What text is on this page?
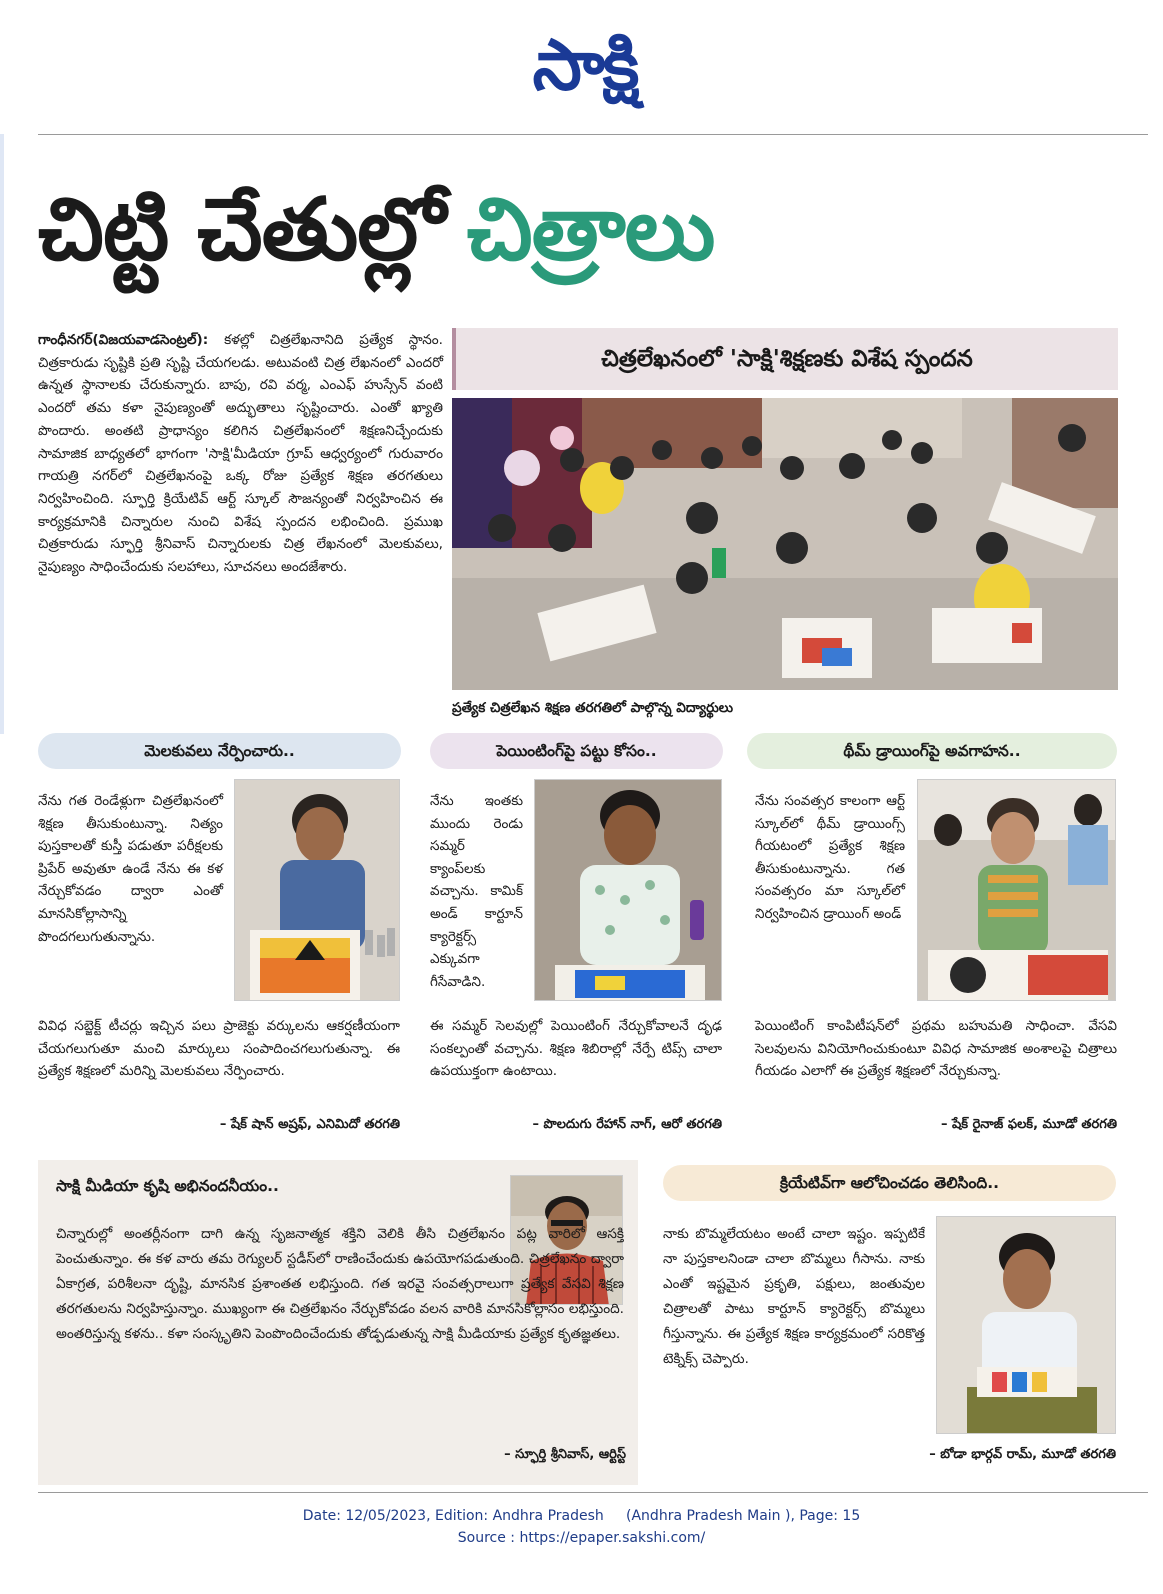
సాక్షి
చిట్టి చేతుల్లో చిత్రాలు
గాంధీనగర్(విజయవాడసెంట్రల్): కళల్లో చిత్రలేఖనానిది ప్రత్యేక స్థానం. చిత్రకారుడు సృష్టికి ప్రతి సృష్టి చేయగలడు. అటువంటి చిత్ర లేఖనంలో ఎందరో ఉన్నత స్థానాలకు చేరుకున్నారు. బాపు, రవి వర్మ, ఎంఎఫ్ హుస్సేన్ వంటి ఎందరో తమ కళా నైపుణ్యంతో అద్భుతాలు సృష్టించారు. ఎంతో ఖ్యాతి పొందారు. అంతటి ప్రాధాన్యం కలిగిన చిత్రలేఖనంలో శిక్షణనిచ్చేందుకు సామాజిక బాధ్యతలో భాగంగా 'సాక్షి'మీడియా గ్రూప్ ఆధ్వర్యంలో గురువారం గాయత్రి నగర్‌లో చిత్రలేఖనంపై ఒక్క రోజు ప్రత్యేక శిక్షణ తరగతులు నిర్వహించింది. స్ఫూర్తి క్రియేటివ్ ఆర్ట్ స్కూల్ సౌజన్యంతో నిర్వహించిన ఈ కార్యక్రమానికి చిన్నారుల నుంచి విశేష స్పందన లభించింది. ప్రముఖ చిత్రకారుడు స్ఫూర్తి శ్రీనివాస్ చిన్నారులకు చిత్ర లేఖనంలో మెలకువలు, నైపుణ్యం సాధించేందుకు సలహాలు, సూచనలు అందజేశారు.
చిత్రలేఖనంలో 'సాక్షి'శిక్షణకు విశేష స్పందన
ప్రత్యేక చిత్రలేఖన శిక్షణ తరగతిలో పాల్గొన్న విద్యార్థులు
మెలకువలు నేర్పించారు..
నేను గత రెండేళ్లుగా చిత్రలేఖనంలో శిక్షణ తీసుకుంటున్నా. నిత్యం పుస్తకాలతో కుస్తీ పడుతూ పరీక్షలకు ప్రిపేర్ అవుతూ ఉండే నేను ఈ కళ నేర్చుకోవడం ద్వారా ఎంతో మానసికోల్లాసాన్ని పొందగలుగుతున్నాను.
వివిధ సబ్జెక్ట్ టీచర్లు ఇచ్చిన పలు ప్రాజెక్టు వర్కులను ఆకర్షణీయంగా చేయగలుగుతూ మంచి మార్కులు సంపాదించగలుగుతున్నా. ఈ ప్రత్యేక శిక్షణలో మరిన్ని మెలకువలు నేర్పించారు.
– షేక్ షాన్ అష్రఫ్, ఎనిమిదో తరగతి
పెయింటింగ్‌పై పట్టు కోసం..
నేను ఇంతకు ముందు రెండు సమ్మర్ క్యాంప్‌లకు వచ్చాను. కామిక్ అండ్ కార్టూన్ క్యారెక్టర్స్ ఎక్కువగా గీసేవాడిని.
ఈ సమ్మర్ సెలవుల్లో పెయింటింగ్ నేర్చుకోవాలనే దృఢ సంకల్పంతో వచ్చాను. శిక్షణ శిబిరాల్లో నేర్పే టిప్స్ చాలా ఉపయుక్తంగా ఉంటాయి.
– పొలదుగు రేహాన్ నాగ్, ఆరో తరగతి
థీమ్ డ్రాయింగ్‌పై అవగాహన..
నేను సంవత్సర కాలంగా ఆర్ట్ స్కూల్‌లో థీమ్ డ్రాయింగ్స్ గీయటంలో ప్రత్యేక శిక్షణ తీసుకుంటున్నాను. గత సంవత్సరం మా స్కూల్‌లో నిర్వహించిన డ్రాయింగ్ అండ్
పెయింటింగ్ కాంపిటీషన్‌లో ప్రథమ బహుమతి సాధించా. వేసవి సెలవులను వినియోగించుకుంటూ వివిధ సామాజిక అంశాలపై చిత్రాలు గీయడం ఎలాగో ఈ ప్రత్యేక శిక్షణలో నేర్చుకున్నా.
– షేక్ రైనాజ్ ఫలక్, మూడో తరగతి
సాక్షి మీడియా కృషి అభినందనీయం..
చిన్నారుల్లో అంతర్లీనంగా దాగి ఉన్న సృజనాత్మక శక్తిని వెలికి తీసి చిత్రలేఖనం పట్ల వారిలో ఆసక్తి పెంచుతున్నాం. ఈ కళ వారు తమ రెగ్యులర్ స్టడీస్‌లో రాణించేందుకు ఉపయోగపడుతుంది. చిత్రలేఖనం ద్వారా ఏకాగ్రత, పరిశీలనా దృష్టి, మానసిక ప్రశాంతత లభిస్తుంది. గత ఇరవై సంవత్సరాలుగా ప్రత్యేక వేసవి శిక్షణ తరగతులను నిర్వహిస్తున్నాం. ముఖ్యంగా ఈ చిత్రలేఖనం నేర్చుకోవడం వలన వారికి మానసికోల్లాసం లభిస్తుంది. అంతరిస్తున్న కళను.. కళా సంస్కృతిని పెంపొందించేందుకు తోడ్పడుతున్న సాక్షి మీడియాకు ప్రత్యేక కృతజ్ఞతలు.
– స్ఫూర్తి శ్రీనివాస్, ఆర్టిస్ట్
క్రియేటివ్‌గా ఆలోచించడం తెలిసింది..
నాకు బొమ్మలేయటం అంటే చాలా ఇష్టం. ఇప్పటికే నా పుస్తకాలనిండా చాలా బొమ్మలు గీసాను. నాకు ఎంతో ఇష్టమైన ప్రకృతి, పక్షులు, జంతువుల చిత్రాలతో పాటు కార్టూన్ క్యారెక్టర్స్ బొమ్మలు గీస్తున్నాను. ఈ ప్రత్యేక శిక్షణ కార్యక్రమంలో సరికొత్త టెక్నిక్స్ చెప్పారు.
– బోడా భార్గవ్ రామ్, మూడో తరగతి
Date: 12/05/2023, Edition: Andhra Pradesh     (Andhra Pradesh Main ), Page: 15
Source : https://epaper.sakshi.com/
